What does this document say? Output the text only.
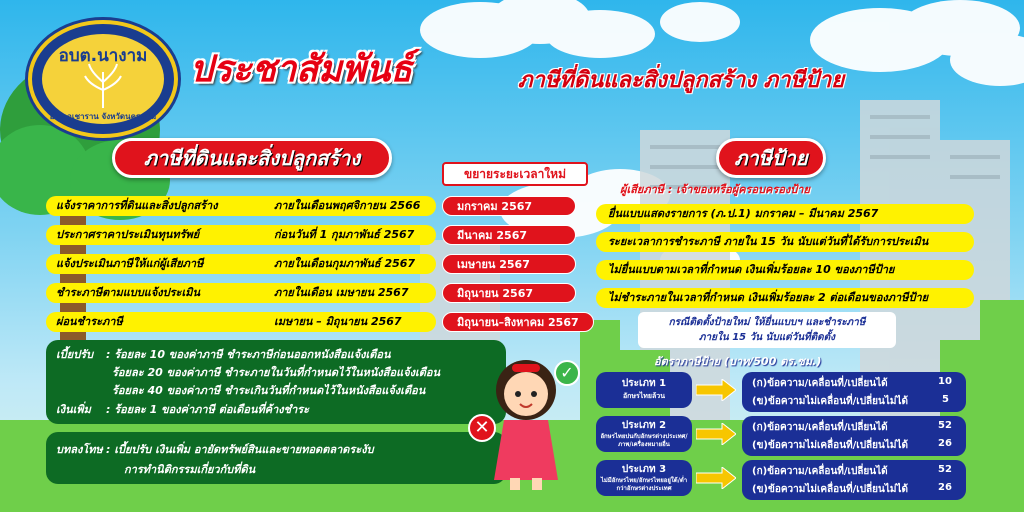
อบต.นางาม
อำเภอเชาราน จังหวัดนครพนม
ประชาสัมพันธ์	ภาษีที่ดินและสิ่งปลูกสร้าง ภาษีป้าย
ภาษีที่ดินและสิ่งปลูกสร้าง
ขยายระยะเวลาใหม่
แจ้งราคาการที่ดินและสิ่งปลูกสร้าง	ภายในเดือนพฤศจิกายน 2566	มกราคม 2567
ประกาศราคาประเมินทุนทรัพย์	ก่อนวันที่ 1 กุมภาพันธ์ 2567	มีนาคม 2567
แจ้งประเมินภาษีให้แก่ผู้เสียภาษี	ภายในเดือนกุมภาพันธ์ 2567	เมษายน 2567
ชำระภาษีตามแบบแจ้งประเมิน	ภายในเดือน เมษายน 2567	มิถุนายน 2567
ผ่อนชำระภาษี	เมษายน – มิถุนายน 2567	มิถุนายน–สิงหาคม 2567
เบี้ยปรับ : ร้อยละ 10 ของค่าภาษี ชำระภาษีก่อนออกหนังสือแจ้งเตือน
ร้อยละ 20 ของค่าภาษี ชำระภายในวันที่กำหนดไว้ในหนังสือแจ้งเตือน
ร้อยละ 40 ของค่าภาษี ชำระเกินวันที่กำหนดไว้ในหนังสือแจ้งเตือน
เงินเพิ่ม : ร้อยละ 1 ของค่าภาษี ต่อเดือนที่ค้างชำระ
บทลงโทษ : เบี้ยปรับ เงินเพิ่ม อายัดทรัพย์สินและขายทอดตลาดระงับ
การทำนิติกรรมเกี่ยวกับที่ดิน
✕
✓
ภาษีป้าย
ผู้เสียภาษี : เจ้าของหรือผู้ครอบครองป้าย
ยื่นแบบแสดงรายการ (ภ.ป.1) มกราคม – มีนาคม 2567
ระยะเวลาการชำระภาษี ภายใน 15 วัน นับแต่วันที่ได้รับการประเมิน
ไม่ยื่นแบบตามเวลาที่กำหนด เงินเพิ่มร้อยละ 10 ของภาษีป้าย
ไม่ชำระภายในเวลาที่กำหนด เงินเพิ่มร้อยละ 2 ต่อเดือนของภาษีป้าย
กรณีติดตั้งป้ายใหม่ ให้ยื่นแบบฯ และชำระภาษี
ภายใน 15 วัน นับแต่วันที่ติดตั้ง
อัตราภาษีป้าย (บาท/500 ตร.ซม.)
ประเภท 1
อักษรไทยล้วน
(ก)ข้อความ/เคลื่อนที่/เปลี่ยนได้	10
(ข)ข้อความไม่เคลื่อนที่/เปลี่ยนไม่ได้	5
ประเภท 2
อักษรไทยปนกับอักษรต่างประเทศ/ภาพ/เครื่องหมายอื่น
(ก)ข้อความ/เคลื่อนที่/เปลี่ยนได้	52
(ข)ข้อความไม่เคลื่อนที่/เปลี่ยนไม่ได้	26
ประเภท 3
ไม่มีอักษรไทย/อักษรไทยอยู่ใต้/ต่ำกว่าอักษรต่างประเทศ
(ก)ข้อความ/เคลื่อนที่/เปลี่ยนได้	52
(ข)ข้อความไม่เคลื่อนที่/เปลี่ยนไม่ได้	26
